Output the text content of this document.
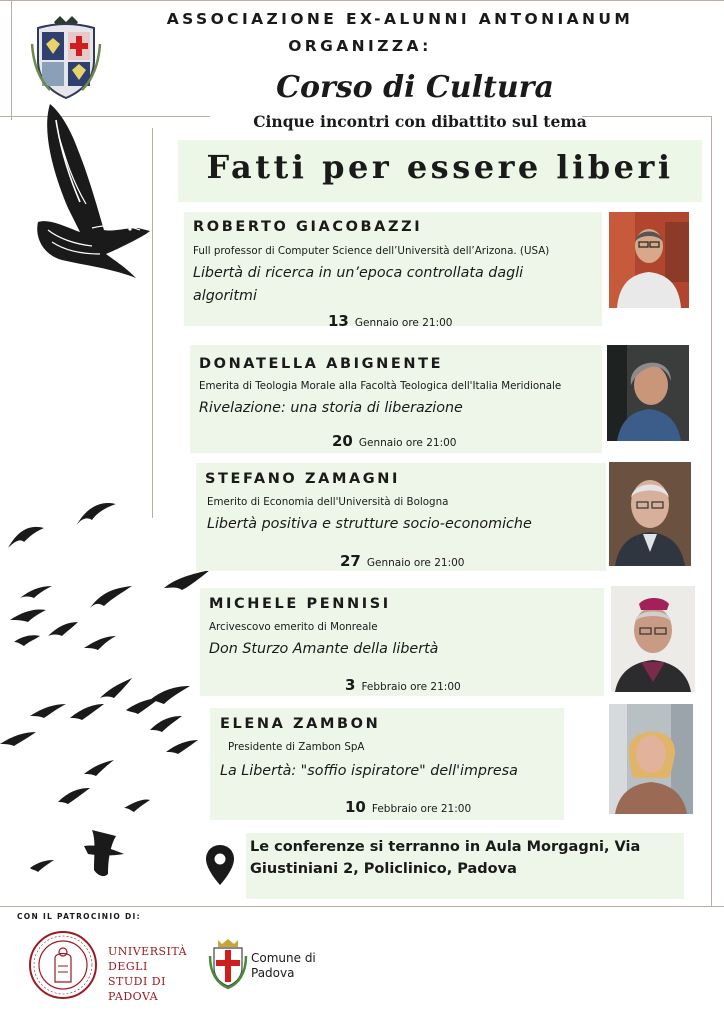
ASSOCIAZIONE EX-ALUNNI ANTONIANUM
ORGANIZZA:
Corso di Cultura
Cinque incontri con dibattito sul tema
Fatti per essere liberi
ROBERTO GIACOBAZZI
Full professor di Computer Science dell’Università dell’Arizona. (USA)
Libertà di ricerca in un’epoca controllata dagli algoritmi
13 Gennaio ore 21:00
DONATELLA ABIGNENTE
Emerita di Teologia Morale alla Facoltà Teologica dell'Italia Meridionale
Rivelazione: una storia di liberazione
20 Gennaio ore 21:00
STEFANO ZAMAGNI
Emerito di Economia dell'Università di Bologna
Libertà positiva e strutture socio-economiche
27 Gennaio ore 21:00
MICHELE PENNISI
Arcivescovo emerito di Monreale
Don Sturzo Amante della libertà
3 Febbraio ore 21:00
ELENA ZAMBON
Presidente di Zambon SpA
La Libertà: "soffio ispiratore" dell'impresa
10 Febbraio ore 21:00
Le conferenze si terranno in Aula Morgagni, Via Giustiniani 2, Policlinico, Padova
CON IL PATROCINIO DI:
UNIVERSITÀ DEGLI STUDI DI PADOVA
Comune di Padova
